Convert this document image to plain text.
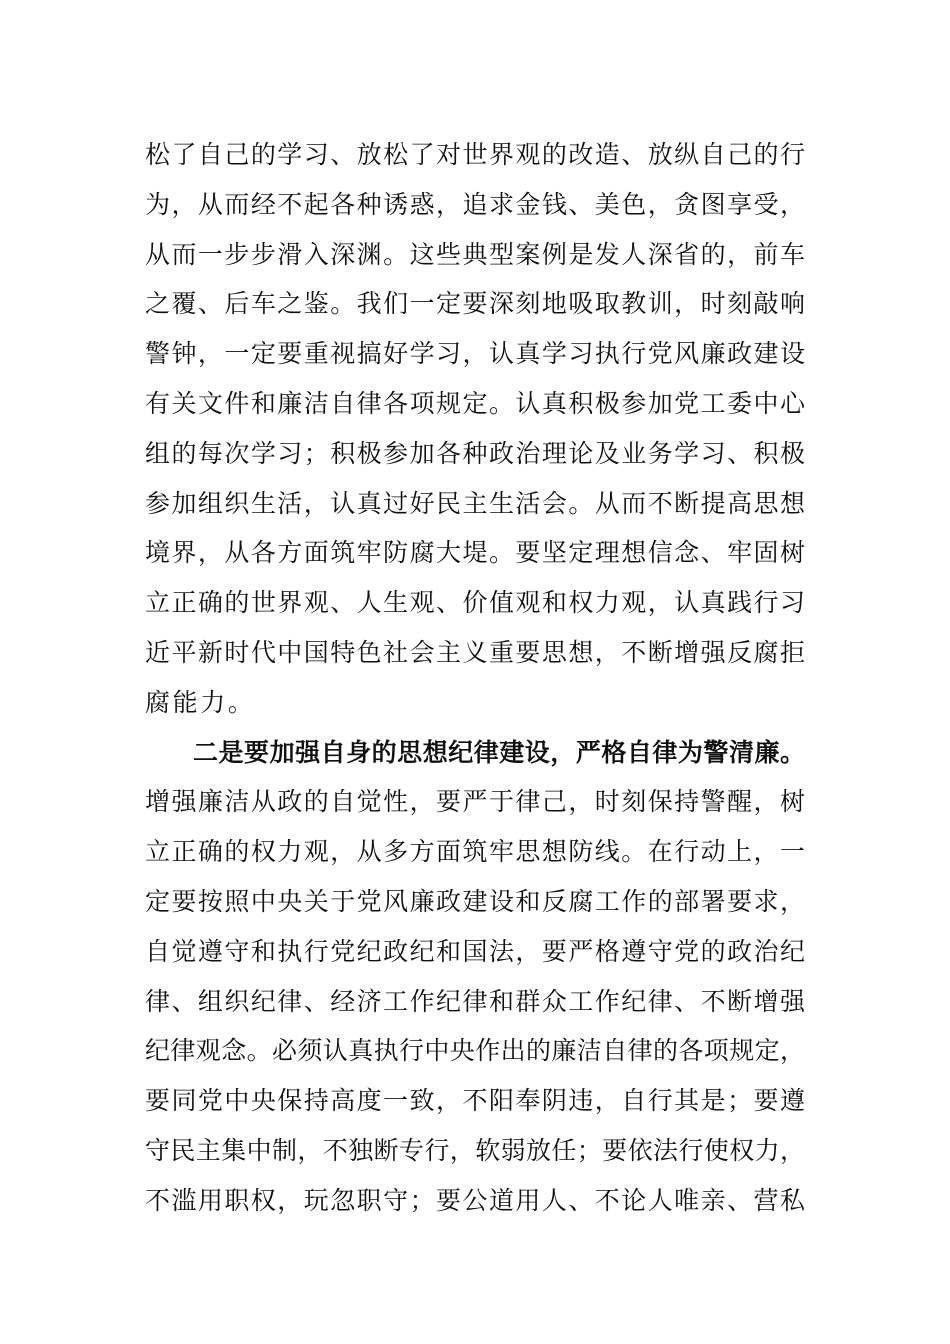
松了自己的学习、放松了对世界观的改造、放纵自己的行
为，从而经不起各种诱惑，追求金钱、美色，贪图享受，
从而一步步滑入深渊。这些典型案例是发人深省的，前车
之覆、后车之鉴。我们一定要深刻地吸取教训，时刻敲响
警钟，一定要重视搞好学习，认真学习执行党风廉政建设
有关文件和廉洁自律各项规定。认真积极参加党工委中心
组的每次学习；积极参加各种政治理论及业务学习、积极
参加组织生活，认真过好民主生活会。从而不断提高思想
境界，从各方面筑牢防腐大堤。要坚定理想信念、牢固树
立正确的世界观、人生观、价值观和权力观，认真践行习
近平新时代中国特色社会主义重要思想，不断增强反腐拒
腐能力。
二是要加强自身的思想纪律建设，严格自律为警清廉。
增强廉洁从政的自觉性，要严于律己，时刻保持警醒，树
立正确的权力观，从多方面筑牢思想防线。在行动上，一
定要按照中央关于党风廉政建设和反腐工作的部署要求，
自觉遵守和执行党纪政纪和国法，要严格遵守党的政治纪
律、组织纪律、经济工作纪律和群众工作纪律、不断增强
纪律观念。必须认真执行中央作出的廉洁自律的各项规定，
要同党中央保持高度一致，不阳奉阴违，自行其是；要遵
守民主集中制，不独断专行，软弱放任；要依法行使权力，
不滥用职权，玩忽职守；要公道用人、不论人唯亲、营私
